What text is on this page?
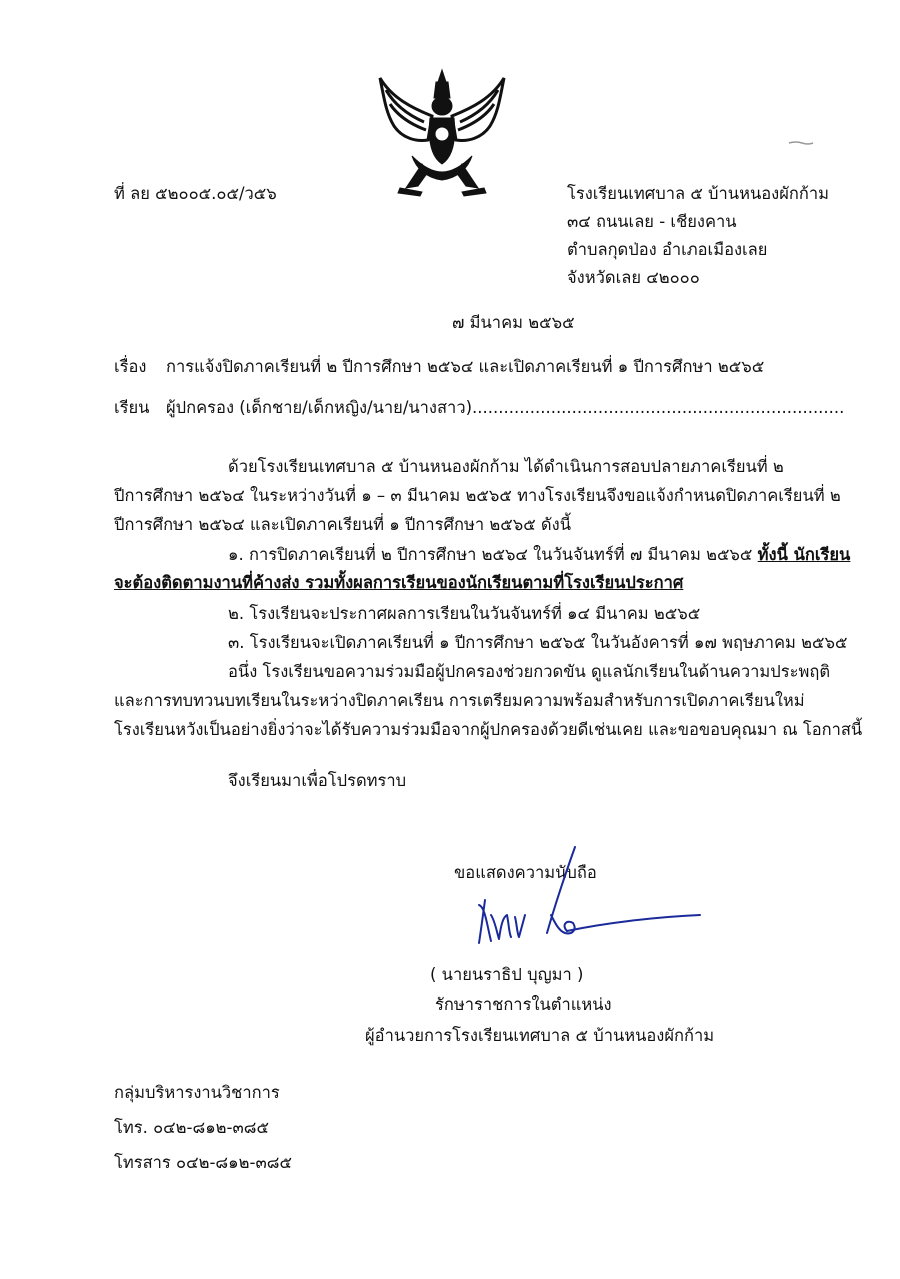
ที่ ลย ๕๒๐๐๕.๐๕/ว๕๖	โรงเรียนเทศบาล ๕ บ้านหนองผักก้าม
๓๔ ถนนเลย - เชียงคาน
ตำบลกุดป่อง อำเภอเมืองเลย
จังหวัดเลย ๔๒๐๐๐
๗ มีนาคม ๒๕๖๕
เรื่อง การแจ้งปิดภาคเรียนที่ ๒ ปีการศึกษา ๒๕๖๔ และเปิดภาคเรียนที่ ๑ ปีการศึกษา ๒๕๖๕
เรียน ผู้ปกครอง (เด็กชาย/เด็กหญิง/นาย/นางสาว).......................................................................
ด้วยโรงเรียนเทศบาล ๕ บ้านหนองผักก้าม ได้ดำเนินการสอบปลายภาคเรียนที่ ๒
ปีการศึกษา ๒๕๖๔ ในระหว่างวันที่ ๑ – ๓ มีนาคม ๒๕๖๕ ทางโรงเรียนจึงขอแจ้งกำหนดปิดภาคเรียนที่ ๒
ปีการศึกษา ๒๕๖๔ และเปิดภาคเรียนที่ ๑ ปีการศึกษา ๒๕๖๕ ดังนี้
๑. การปิดภาคเรียนที่ ๒ ปีการศึกษา ๒๕๖๔ ในวันจันทร์ที่ ๗ มีนาคม ๒๕๖๕ ทั้งนี้ นักเรียน
จะต้องติดตามงานที่ค้างส่ง รวมทั้งผลการเรียนของนักเรียนตามที่โรงเรียนประกาศ
๒. โรงเรียนจะประกาศผลการเรียนในวันจันทร์ที่ ๑๔ มีนาคม ๒๕๖๕
๓. โรงเรียนจะเปิดภาคเรียนที่ ๑ ปีการศึกษา ๒๕๖๕ ในวันอังคารที่ ๑๗ พฤษภาคม ๒๕๖๕
อนึ่ง โรงเรียนขอความร่วมมือผู้ปกครองช่วยกวดขัน ดูแลนักเรียนในด้านความประพฤติ
และการทบทวนบทเรียนในระหว่างปิดภาคเรียน การเตรียมความพร้อมสำหรับการเปิดภาคเรียนใหม่
โรงเรียนหวังเป็นอย่างยิ่งว่าจะได้รับความร่วมมือจากผู้ปกครองด้วยดีเช่นเคย และขอขอบคุณมา ณ โอกาสนี้
จึงเรียนมาเพื่อโปรดทราบ
ขอแสดงความนับถือ
( นายนราธิป บุญมา )
รักษาราชการในตำแหน่ง
ผู้อำนวยการโรงเรียนเทศบาล ๕ บ้านหนองผักก้าม
กลุ่มบริหารงานวิชาการ
โทร. ๐๔๒-๘๑๒-๓๘๕
โทรสาร ๐๔๒-๘๑๒-๓๘๕
